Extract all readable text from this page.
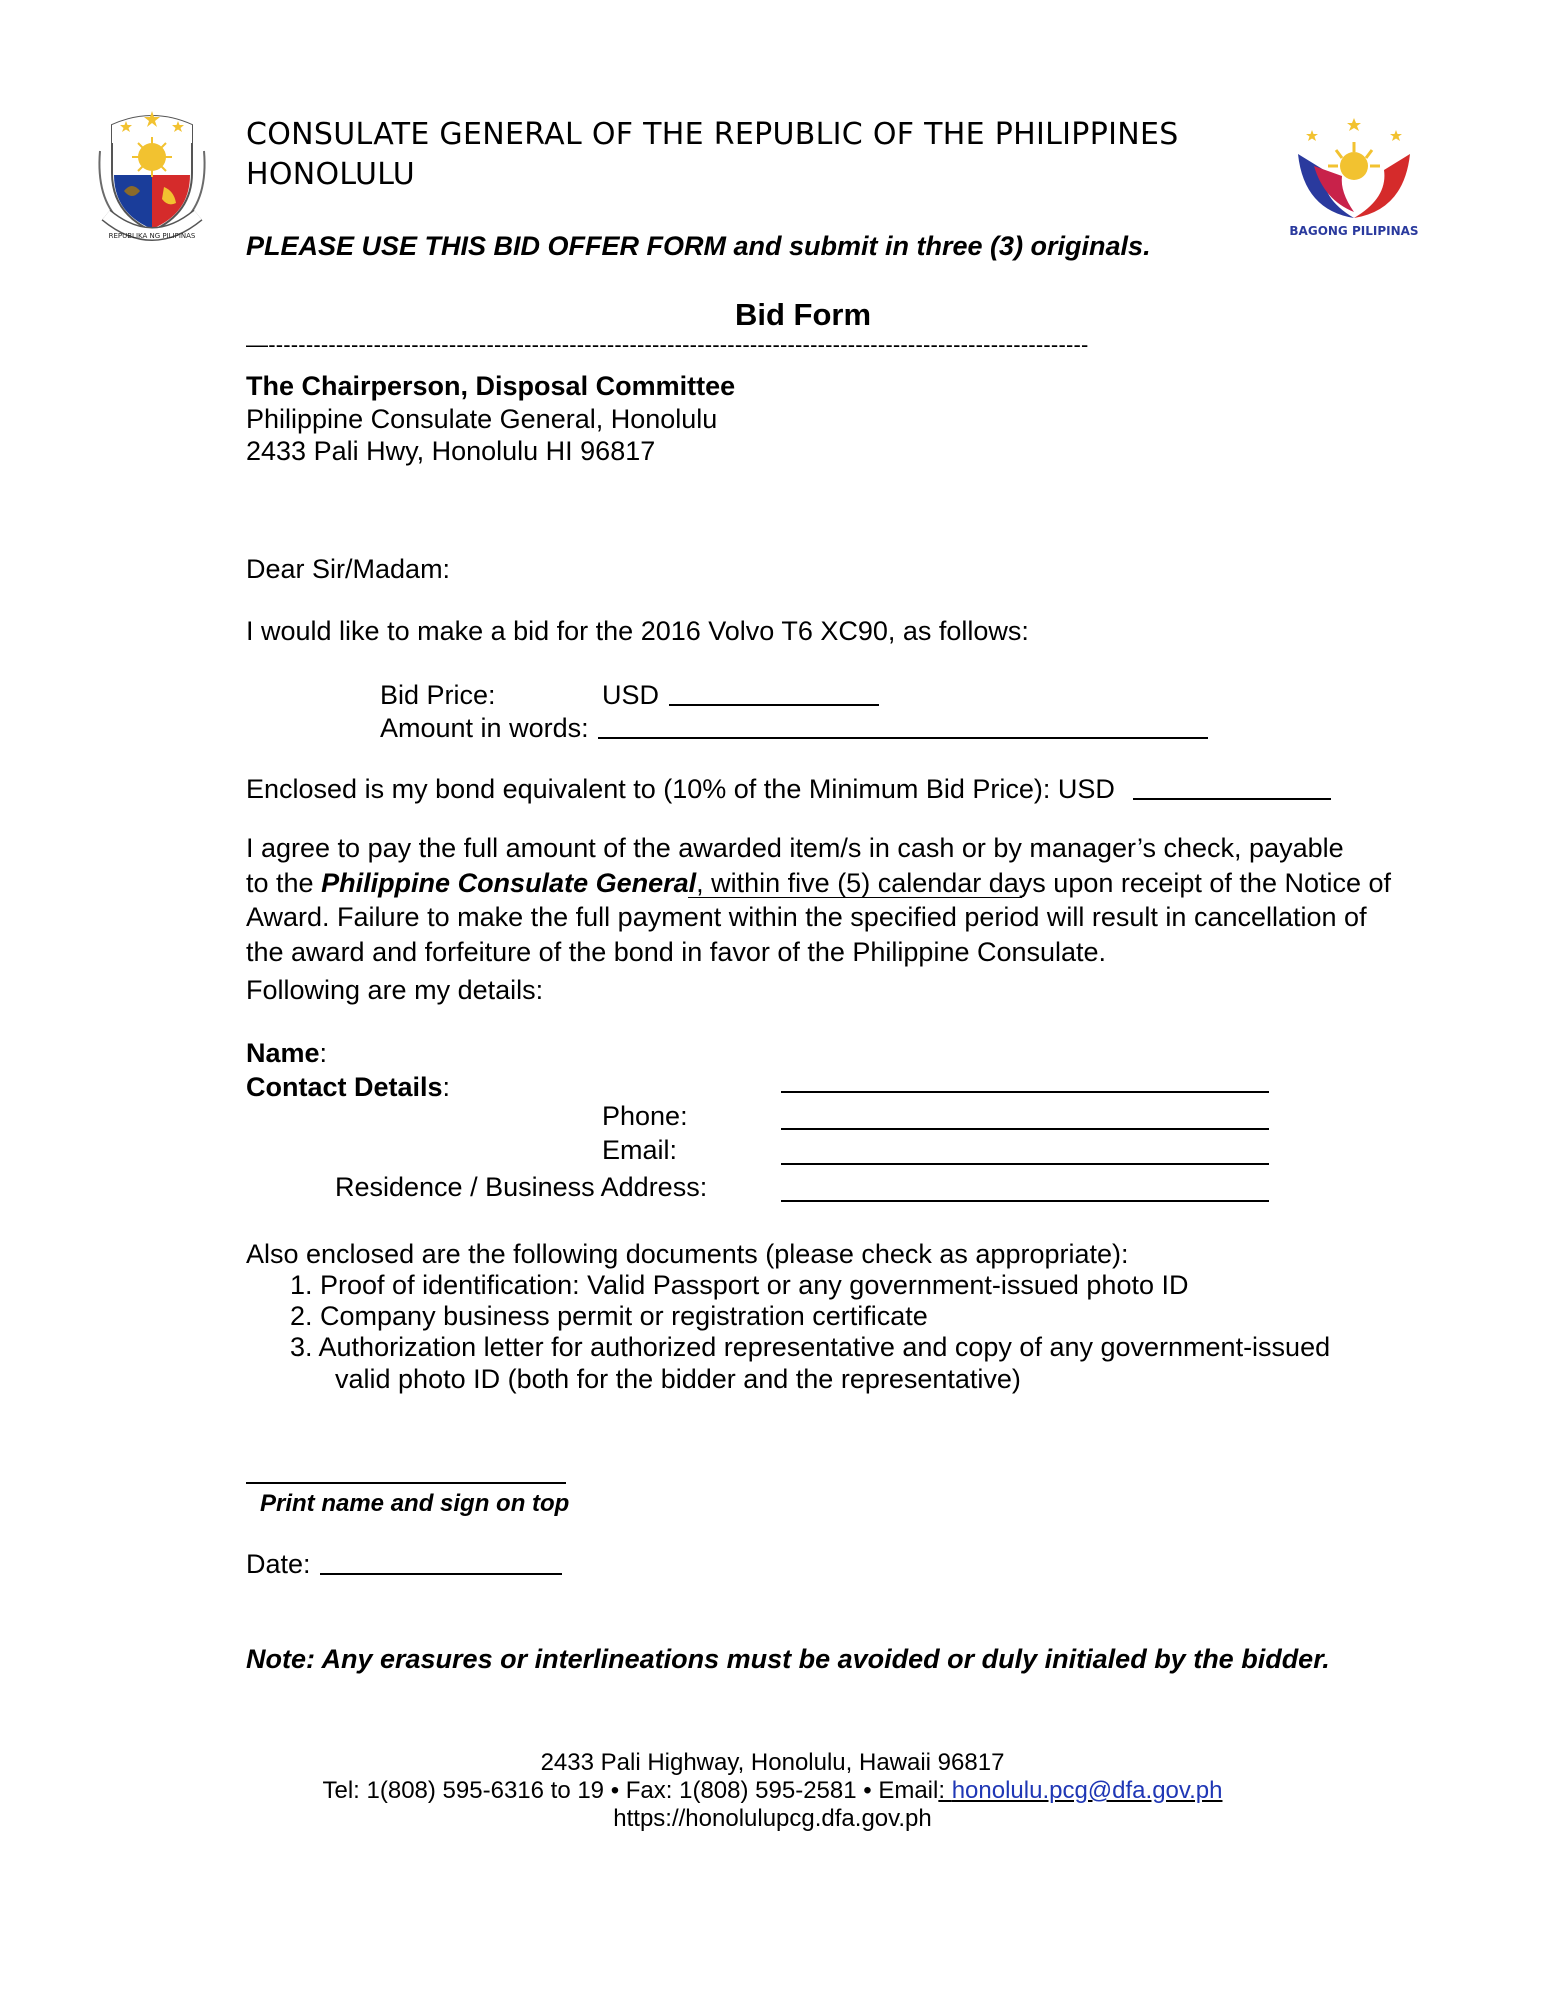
REPUBLIKA NG PILIPINAS
CONSULATE GENERAL OF THE REPUBLIC OF THE PHILIPPINES
HONOLULU
BAGONG PILIPINAS
PLEASE USE THIS BID OFFER FORM and submit in three (3) originals.
Bid Form
—-------------------------------------------------------------------------------------------------------------
The Chairperson, Disposal Committee
Philippine Consulate General, Honolulu
2433 Pali Hwy, Honolulu HI 96817
Dear Sir/Madam:
I would like to make a bid for the 2016 Volvo T6 XC90, as follows:
Bid Price:	USD
Amount in words:
Enclosed is my bond equivalent to (10% of the Minimum Bid Price): USD
I agree to pay the full amount of the awarded item/s in cash or by manager’s check, payable
to the Philippine Consulate General, within five (5) calendar days upon receipt of the Notice of
Award. Failure to make the full payment within the specified period will result in cancellation of
the award and forfeiture of the bond in favor of the Philippine Consulate.
Following are my details:
Name:
Contact Details:
Phone:
Email:
Residence / Business Address:
Also enclosed are the following documents (please check as appropriate):
1. Proof of identification: Valid Passport or any government-issued photo ID
2. Company business permit or registration certificate
3. Authorization letter for authorized representative and copy of any government-issued
valid photo ID (both for the bidder and the representative)
Print name and sign on top
Date:
Note: Any erasures or interlineations must be avoided or duly initialed by the bidder.
2433 Pali Highway, Honolulu, Hawaii 96817
Tel: 1(808) 595-6316 to 19 • Fax: 1(808) 595-2581 • Email: honolulu.pcg@dfa.gov.ph
https://honolulupcg.dfa.gov.ph
